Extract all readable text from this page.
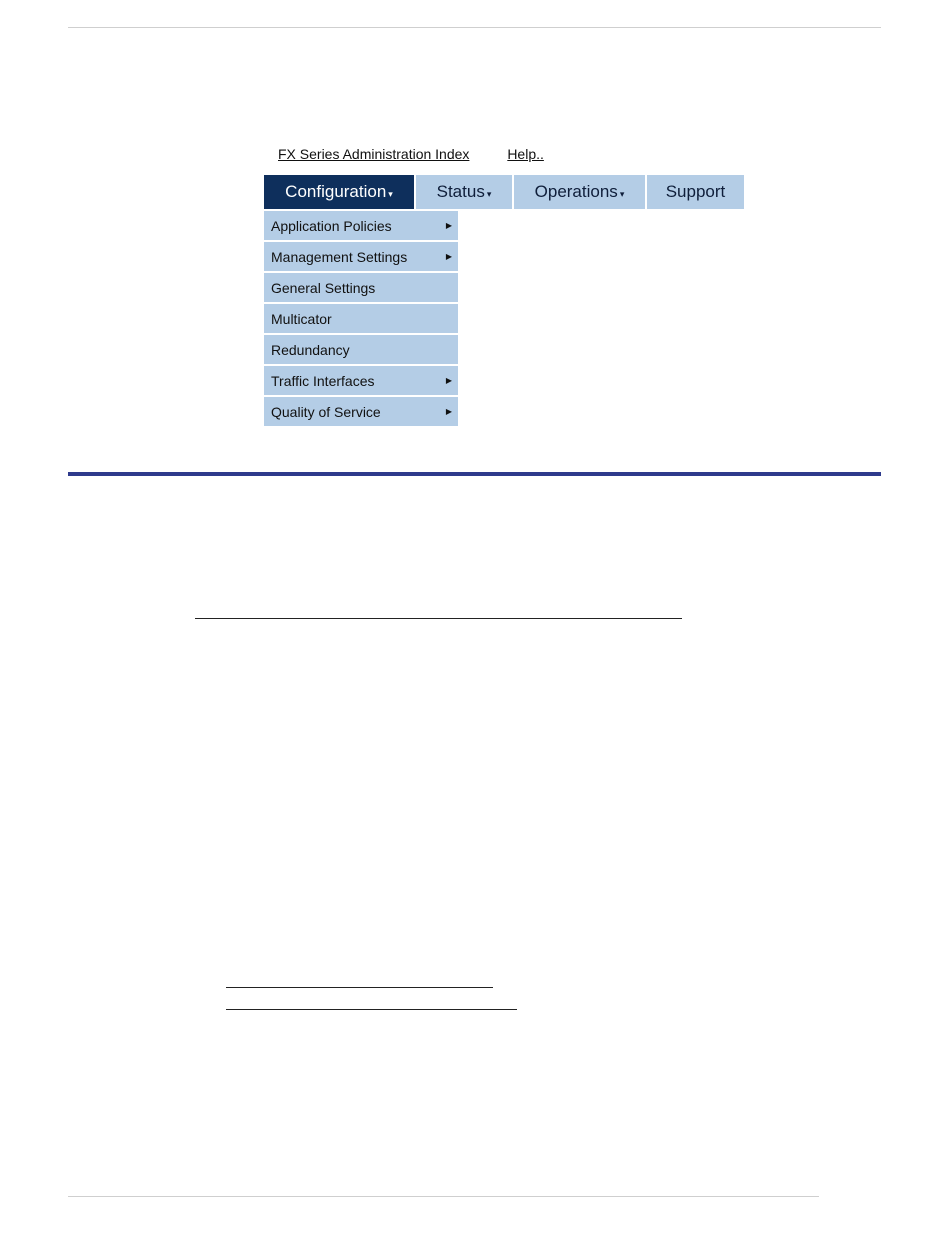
FX Series Administration Index	Help..
Configuration ▾	Status ▾	Operations ▾ Support
Application Policies	▶
Management Settings	▶
General Settings
Multicator
Redundancy
Traffic Interfaces	▶
Quality of Service	▶
